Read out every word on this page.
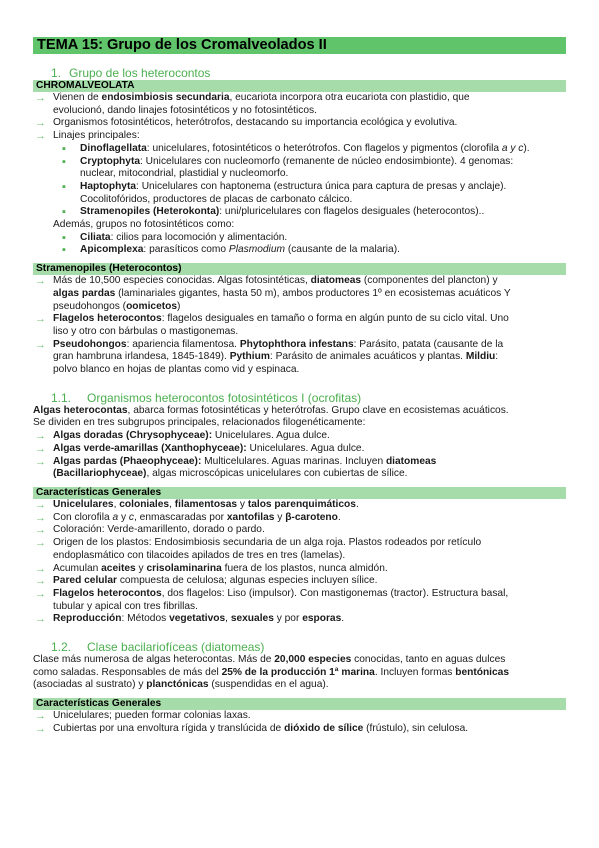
TEMA 15: Grupo de los Cromalveolados II
1. Grupo de los heterocontos
CHROMALVEOLATA
→ Vienen de endosimbiosis secundaria, eucariota incorpora otra eucariota con plastidio, que
evolucionó, dando linajes fotosintéticos y no fotosintéticos.
→ Organismos fotosintéticos, heterótrofos, destacando su importancia ecológica y evolutiva.
→ Linajes principales:
▪ Dinoflagellata: unicelulares, fotosintéticos o heterótrofos. Con flagelos y pigmentos (clorofila a y c).
▪ Cryptophyta: Unicelulares con nucleomorfo (remanente de núcleo endosimbionte). 4 genomas:
nuclear, mitocondrial, plastidial y nucleomorfo.
▪ Haptophyta: Unicelulares con haptonema (estructura única para captura de presas y anclaje).
Cocolitofóridos, productores de placas de carbonato cálcico.
▪ Stramenopiles (Heterokonta): uni/pluricelulares con flagelos desiguales (heterocontos)..
Además, grupos no fotosintéticos como:
▪ Ciliata: cilios para locomoción y alimentación.
▪ Apicomplexa: parasíticos como Plasmodium (causante de la malaria).
Stramenopiles (Heterocontos)
→ Más de 10,500 especies conocidas. Algas fotosintéticas, diatomeas (componentes del plancton) y
algas pardas (laminariales gigantes, hasta 50 m), ambos productores 1º en ecosistemas acuáticos Y
pseudohongos (oomicetos)
→ Flagelos heterocontos: flagelos desiguales en tamaño o forma en algún punto de su ciclo vital. Uno
liso y otro con bárbulas o mastigonemas.
→ Pseudohongos: apariencia filamentosa. Phytophthora infestans: Parásito, patata (causante de la
gran hambruna irlandesa, 1845-1849). Pythium: Parásito de animales acuáticos y plantas. Mildiu:
polvo blanco en hojas de plantas como vid y espinaca.
1.1. Organismos heterocontos fotosintéticos I (ocrofitas)
Algas heterocontas, abarca formas fotosintéticas y heterótrofas. Grupo clave en ecosistemas acuáticos.
Se dividen en tres subgrupos principales, relacionados filogenéticamente:
→ Algas doradas (Chrysophyceae): Unicelulares. Agua dulce.
→ Algas verde-amarillas (Xanthophyceae): Unicelulares. Agua dulce.
→ Algas pardas (Phaeophyceae): Multicelulares. Aguas marinas. Incluyen diatomeas
(Bacillariophyceae), algas microscópicas unicelulares con cubiertas de sílice.
Características Generales
→ Unicelulares, coloniales, filamentosas y talos parenquimáticos.
→ Con clorofila a y c, enmascaradas por xantofilas y β-caroteno.
→ Coloración: Verde-amarillento, dorado o pardo.
→ Origen de los plastos: Endosimbiosis secundaria de un alga roja. Plastos rodeados por retículo
endoplasmático con tilacoides apilados de tres en tres (lamelas).
→ Acumulan aceites y crisolaminarina fuera de los plastos, nunca almidón.
→ Pared celular compuesta de celulosa; algunas especies incluyen sílice.
→ Flagelos heterocontos, dos flagelos: Liso (impulsor). Con mastigonemas (tractor). Estructura basal,
tubular y apical con tres fibrillas.
→ Reproducción: Métodos vegetativos, sexuales y por esporas.
1.2. Clase bacilariofíceas (diatomeas)
Clase más numerosa de algas heterocontas. Más de 20,000 especies conocidas, tanto en aguas dulces
como saladas. Responsables de más del 25% de la producción 1ª marina. Incluyen formas bentónicas
(asociadas al sustrato) y planctónicas (suspendidas en el agua).
Características Generales
→ Unicelulares; pueden formar colonias laxas.
→ Cubiertas por una envoltura rígida y translúcida de dióxido de sílice (frústulo), sin celulosa.
